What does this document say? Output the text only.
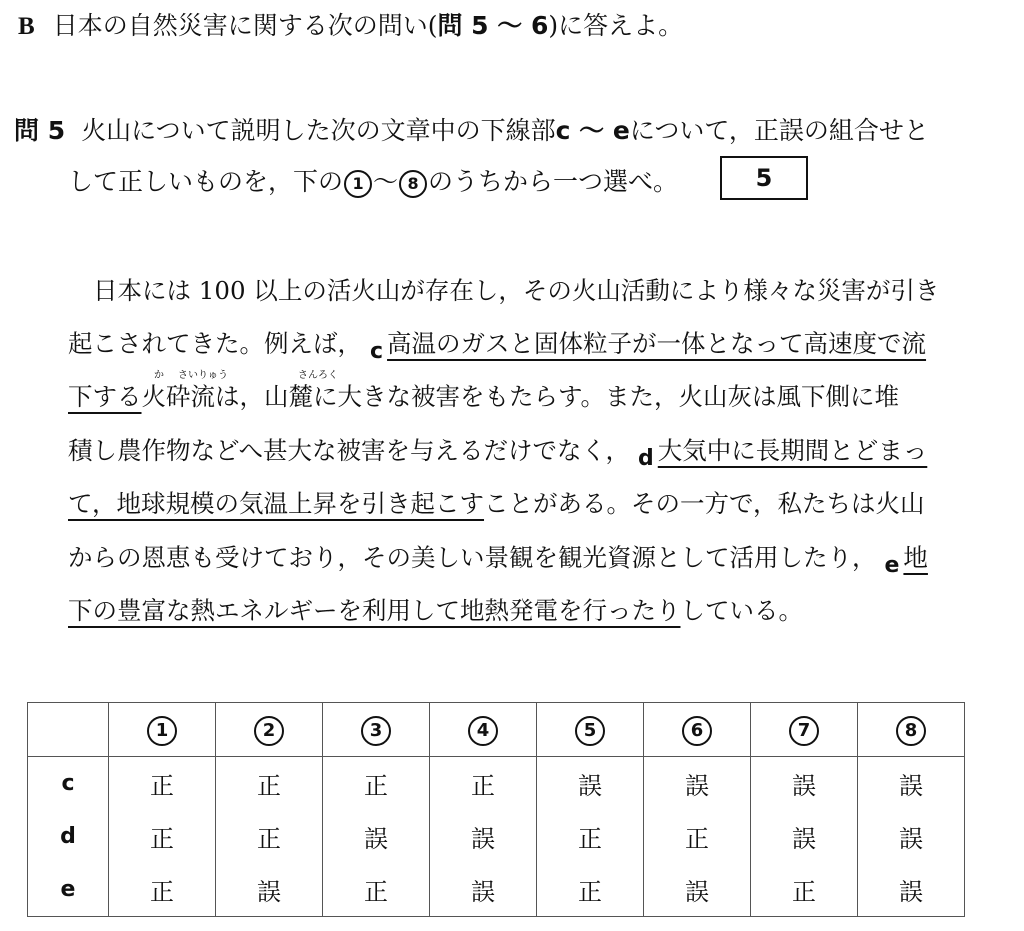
B 日本の自然災害に関する次の問い(問 5 〜 6)に答えよ。
問 5 火山について説明した次の文章中の下線部c 〜 eについて，正誤の組合せと
して正しいものを，下の 1 〜 8 のうちから一つ選べ。	5
日本には 100 以上の活火山が存在し，その火山活動により様々な災害が引き
起こされてきた。例えば， c 高温のガスと固体粒子が一体となって高速度で流
か さいりゅう	さんろく
下する火砕流は，山麓に大きな被害をもたらす。また，火山灰は風下側に堆
積し農作物などへ甚大な被害を与えるだけでなく， d 大気中に長期間とどまっ
て，地球規模の気温上昇を引き起こすことがある。その一方で，私たちは火山
からの恩恵も受けており，その美しい景観を観光資源として活用したり， e 地
下の豊富な熱エネルギーを利用して地熱発電を行ったりしている。
	1	2	3	4	5	6	7	8
c	正	正	正	正	誤	誤	誤	誤
d	正	正	誤	誤	正	正	誤	誤
e	正	誤	正	誤	正	誤	正	誤
